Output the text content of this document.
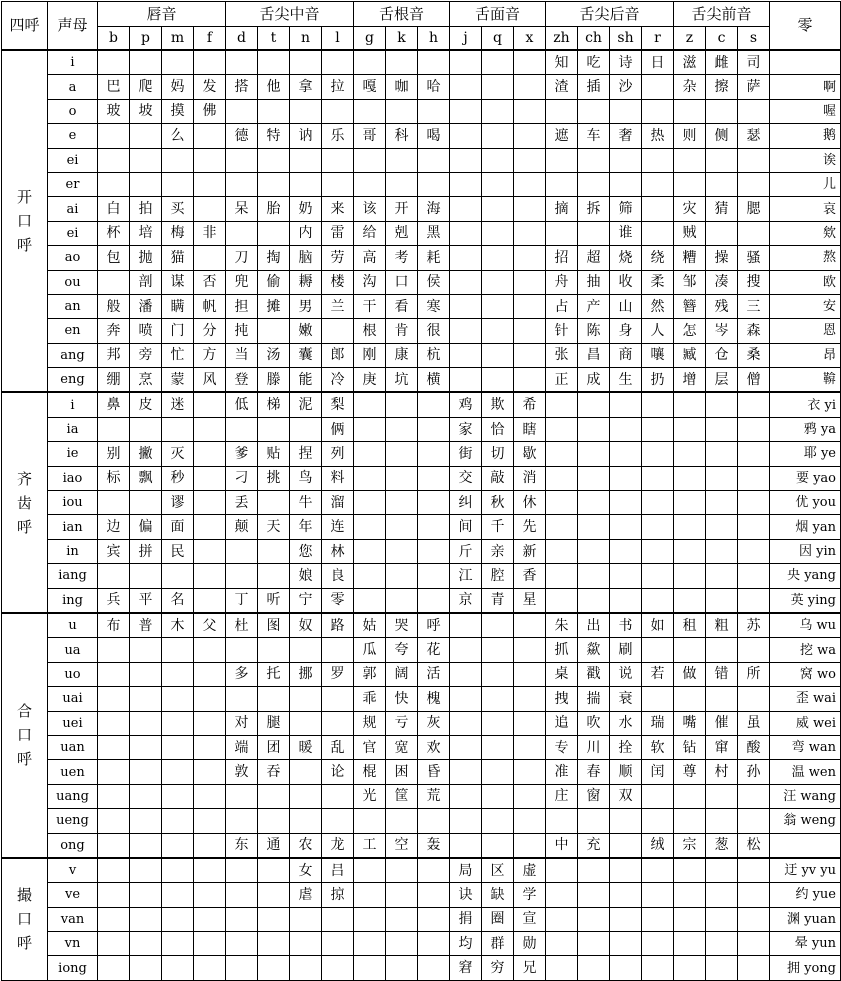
四呼	声母	唇音				舌尖中音				舌根音			舌面音			舌尖后音				舌尖前音			零
		b	p	m	f	d	t	n	l	g	k	h	j	q	x	zh	ch	sh	r	z	c	s	
开
口
呼	i															知	吃	诗	日	滋	雌	司	
	a	巴	爬	妈	发	搭	他	拿	拉	嘎	咖	哈				渣	插	沙		杂	擦	萨	啊
	o	玻	坡	摸	佛																		喔
	e			么		德	特	讷	乐	哥	科	喝				遮	车	奢	热	则	侧	瑟	鹅
	ei																						诶
	er																						儿
	ai	白	拍	买		呆	胎	奶	来	该	开	海				摘	拆	筛		灾	猜	腮	哀
	ei	杯	培	梅	非			内	雷	给	剋	黑						谁		贼			欸
	ao	包	抛	猫		刀	掏	脑	劳	高	考	耗				招	超	烧	绕	糟	操	骚	熬
	ou		剖	谋	否	兜	偷	耨	楼	沟	口	侯				舟	抽	收	柔	邹	凑	搜	欧
	an	般	潘	瞒	帆	担	摊	男	兰	干	看	寒				占	产	山	然	簪	残	三	安
	en	奔	喷	门	分	扽		嫩		根	肯	很				针	陈	身	人	怎	岑	森	恩
	ang	邦	旁	忙	方	当	汤	囊	郎	刚	康	杭				张	昌	商	嚷	臧	仓	桑	昂
	eng	绷	烹	蒙	风	登	滕	能	冷	庚	坑	横				正	成	生	扔	增	层	僧	鞥
齐
齿
呼	i	鼻	皮	迷		低	梯	泥	梨				鸡	欺	希								衣 yi
	ia								俩				家	恰	瞎								鸦 ya
	ie	别	撇	灭		爹	贴	捏	列				街	切	歇								耶 ye
	iao	标	飘	秒		刁	挑	鸟	料				交	敲	消								要 yao
	iou			谬		丢		牛	溜				纠	秋	休								优 you
	ian	边	偏	面		颠	天	年	连				间	千	先								烟 yan
	in	宾	拼	民				您	林				斤	亲	新								因 yin
	iang							娘	良				江	腔	香								央 yang
	ing	兵	平	名		丁	听	宁	零				京	青	星								英 ying
合
口
呼	u	布	普	木	父	杜	图	奴	路	姑	哭	呼				朱	出	书	如	租	粗	苏	乌 wu
	ua									瓜	夸	花				抓	歘	刷					挖 wa
	uo					多	托	挪	罗	郭	阔	活				桌	戳	说	若	做	错	所	窝 wo
	uai									乖	快	槐				拽	揣	衰					歪 wai
	uei					对	腿			规	亏	灰				追	吹	水	瑞	嘴	催	虽	威 wei
	uan					端	团	暖	乱	官	宽	欢				专	川	拴	软	钻	窜	酸	弯 wan
	uen					敦	吞		论	棍	困	昏				准	春	顺	闰	尊	村	孙	温 wen
	uang									光	筐	荒				庄	窗	双					汪 wang
	ueng																						翁 weng
	ong					东	通	农	龙	工	空	轰				中	充		绒	宗	葱	松	
撮
口
呼	v							女	吕				局	区	虚								迂 yv yu
	ve							虐	掠				诀	缺	学								约 yue
	van												捐	圈	宣								渊 yuan
	vn												均	群	勋								晕 yun
	iong												窘	穷	兄								拥 yong
